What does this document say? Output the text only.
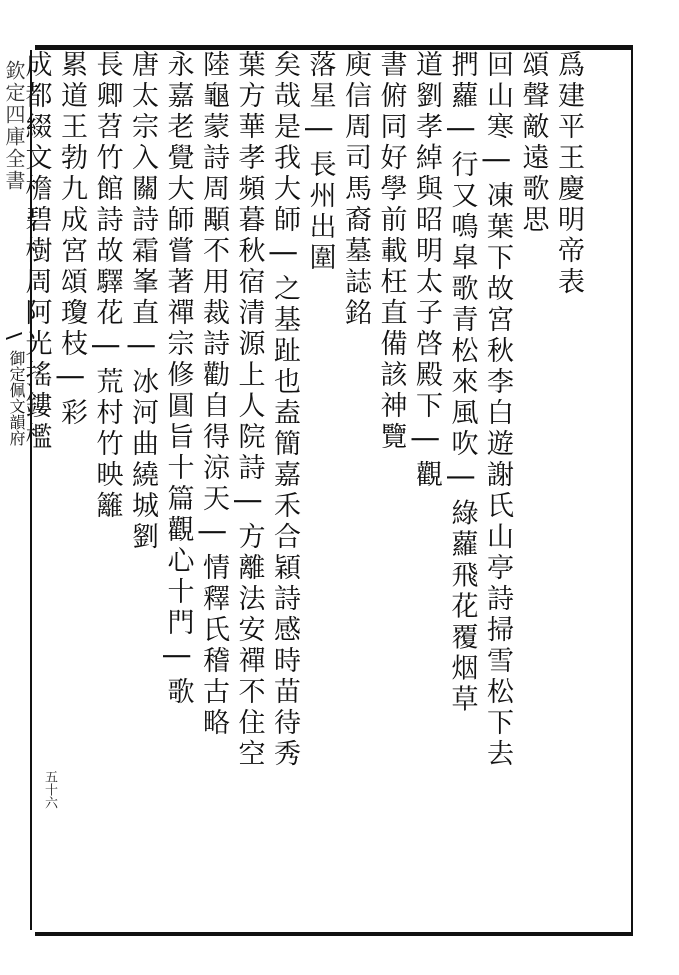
欽定四庫全書
御定佩文韻府
爲建平王慶明帝表
頌聲敵遠歌思
回山寒 | 凍葉下故宮秋李白遊謝氏山亭詩掃雪松下去
捫蘿 | 行又鳴皐歌青松來風吹 | 綠蘿飛花覆烟草
道劉孝綽與昭明太子啓殿下 | 觀
書俯同好學前載枉直備該神覽
庾信周司馬裔墓誌銘
落星 | 長州出圍
矣哉是我大師 | 之基趾也盍簡嘉禾合穎詩感時苗待秀
葉方華孝頻暮秋宿清源上人院詩 | 方離法安禪不住空
陸龜蒙詩周顒不用裁詩勸自得涼天 | 情釋氏稽古略
永嘉老覺大師嘗著禪宗修圓旨十篇觀心十門 | 歌
唐太宗入關詩霜峯直 | 冰河曲繞城劉
長卿苕竹館詩故驛花 | 荒村竹映籬
累道王勃九成宮頌瓊枝 | 彩
成都綴文檐碧樹周阿光搖鏤檻
五十六
